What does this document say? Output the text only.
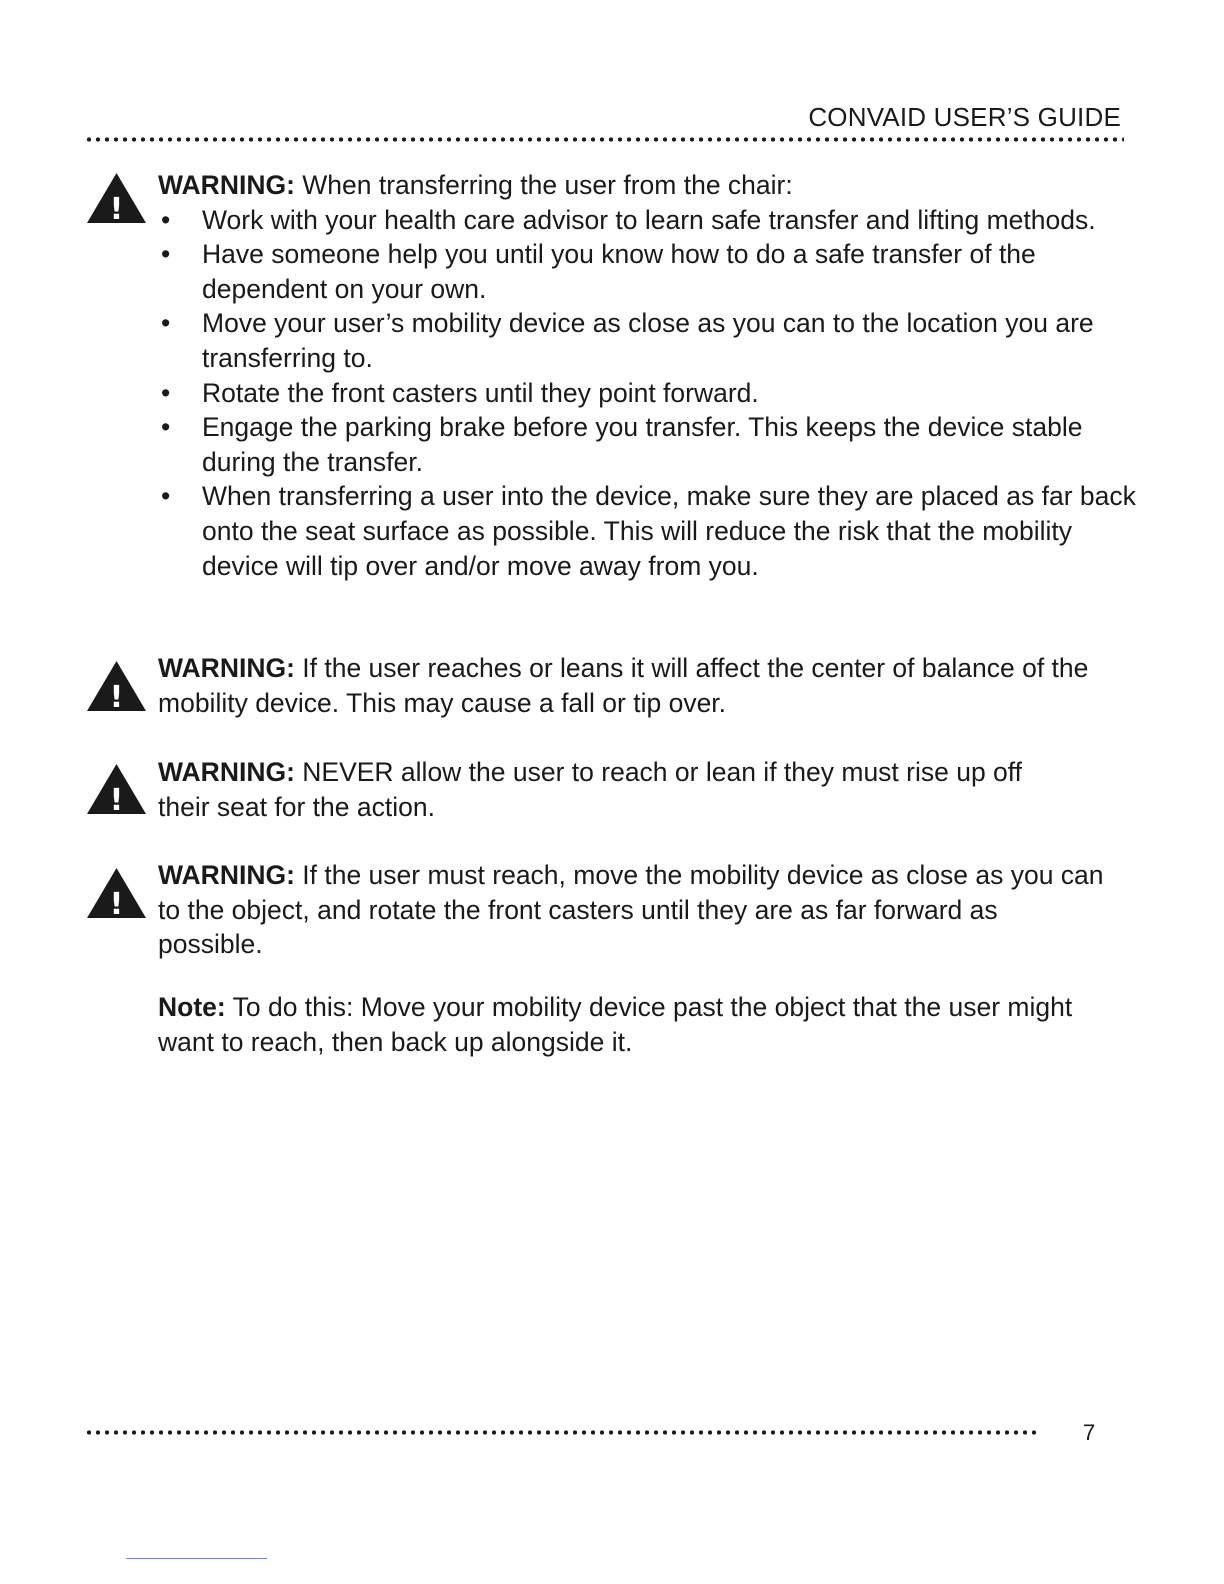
CONVAID USER’S GUIDE
!

WARNING: When transferring the user from the chair:

• Work with your health care advisor to learn safe transfer and lifting methods.
• Have someone help you until you know how to do a safe transfer of the dependent on your own.
• Move your user’s mobility device as close as you can to the location you are transferring to.
• Rotate the front casters until they point forward.
• Engage the parking brake before you transfer. This keeps the device stable during the transfer.
• When transferring a user into the device, make sure they are placed as far back onto the seat surface as possible. This will reduce the risk that the mobility device will tip over and/or move away from you.
!

WARNING: If the user reaches or leans it will affect the center of balance of the mobility device. This may cause a fall or tip over.

!

WARNING: NEVER allow the user to reach or lean if they must rise up off their seat for the action.

!

WARNING: If the user must reach, move the mobility device as close as you can to the object, and rotate the front casters until they are as far forward as possible.

Note: To do this: Move your mobility device past the object that the user might want to reach, then back up alongside it.

7
